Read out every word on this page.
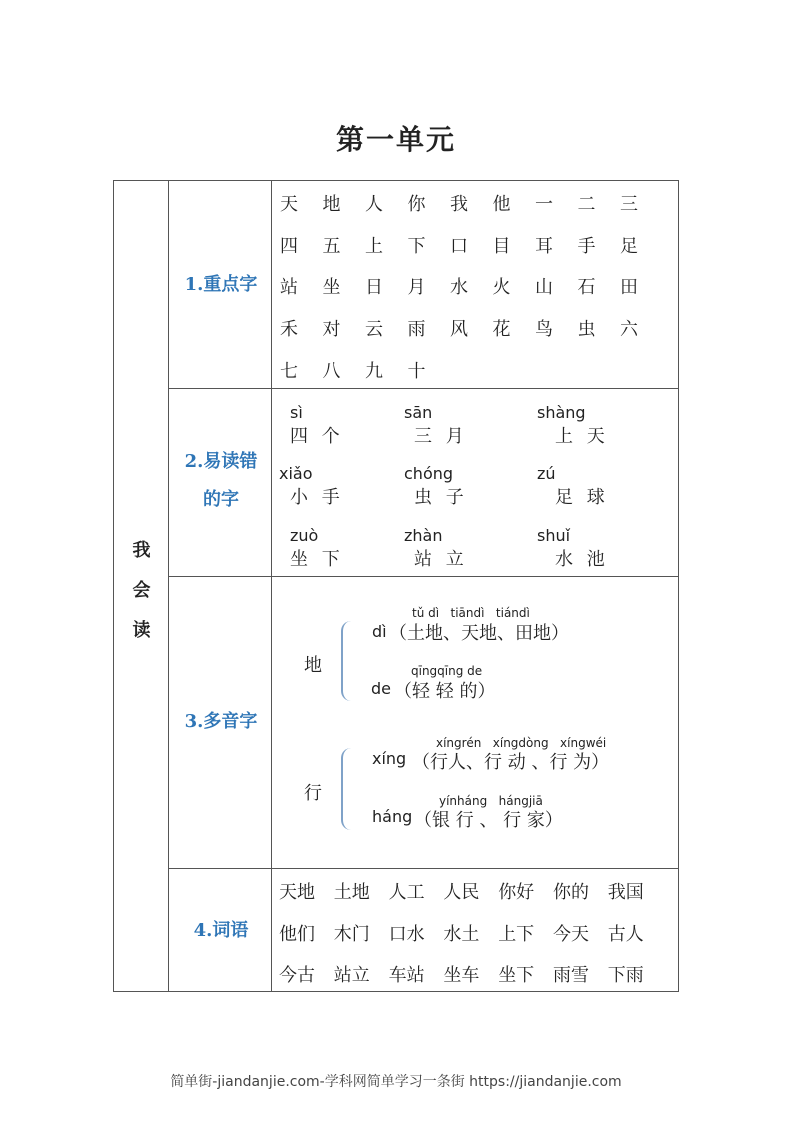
第一单元
我
会
读
1.重点字
2.易读错
的字
3.多音字
4.词语
地
dì
tǔ dì   tiāndì   tiándì
（土地、天地、田地）
de
qīngqīng de
（轻 轻 的）
行
xíng
xíngrén   xíngdòng   xíngwéi
（行人、行 动 、行 为）
háng
yínháng   hángjiā
（银 行 、 行 家）
天 地 人 你 我 他 一 二 三
四 五 上 下 口 目 耳 手 足
站 坐 日 月 水 火 山 石 田
禾 对 云 雨 风 花 鸟 虫 六
七 八 九 十
sì
四 个
sān
三 月
shàng
上 天
xiǎo
小 手
chóng
虫 子
zú
足 球
zuò
坐 下
zhàn
站 立
shuǐ
水 池
天地 土地 人工 人民 你好 你的 我国
他们 木门 口水 水土 上下 今天 古人
今古 站立 车站 坐车 坐下 雨雪 下雨
简单街-jiandanjie.com-学科网简单学习一条街 https://jiandanjie.com
